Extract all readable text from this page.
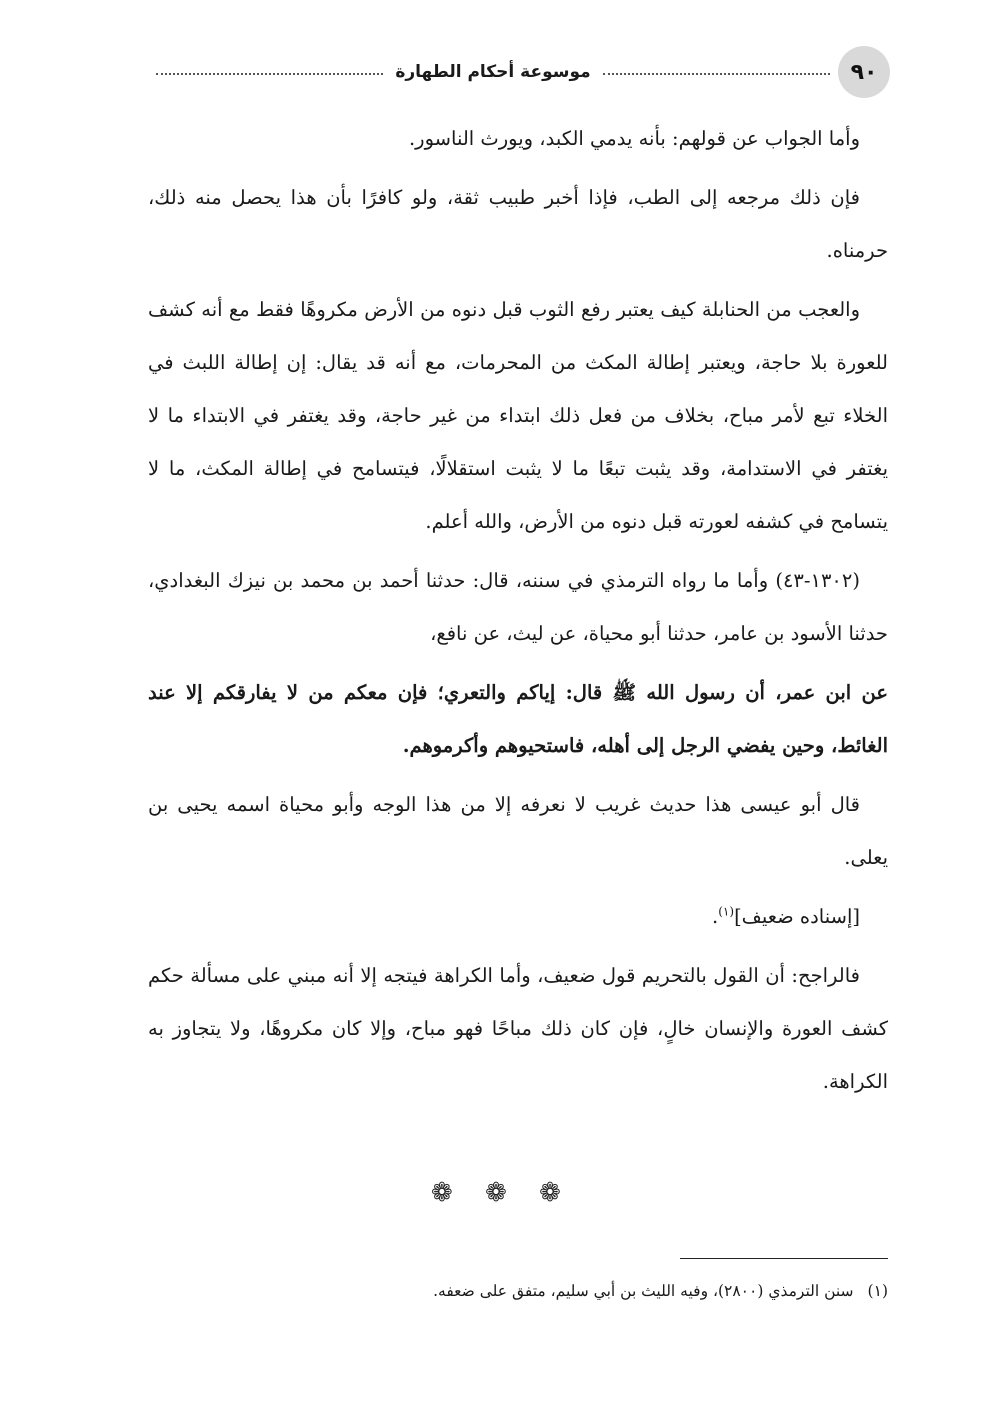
٩٠
موسوعة أحكام الطهارة

وأما الجواب عن قولهم: بأنه يدمي الكبد، ويورث الناسور.

فإن ذلك مرجعه إلى الطب، فإذا أخبر طبيب ثقة، ولو كافرًا بأن هذا يحصل منه ذلك، حرمناه.

والعجب من الحنابلة كيف يعتبر رفع الثوب قبل دنوه من الأرض مكروهًا فقط مع أنه كشف للعورة بلا حاجة، ويعتبر إطالة المكث من المحرمات، مع أنه قد يقال: إن إطالة اللبث في الخلاء تبع لأمر مباح، بخلاف من فعل ذلك ابتداء من غير حاجة، وقد يغتفر في الابتداء ما لا يغتفر في الاستدامة، وقد يثبت تبعًا ما لا يثبت استقلالًا، فيتسامح في إطالة المكث، ما لا يتسامح في كشفه لعورته قبل دنوه من الأرض، والله أعلم.

(١٣٠٢-٤٣) وأما ما رواه الترمذي في سننه، قال: حدثنا أحمد بن محمد بن نيزك البغدادي، حدثنا الأسود بن عامر، حدثنا أبو محياة، عن ليث، عن نافع،

عن ابن عمر، أن رسول الله ﷺ قال: إياكم والتعري؛ فإن معكم من لا يفارقكم إلا عند الغائط، وحين يفضي الرجل إلى أهله، فاستحيوهم وأكرموهم.

قال أبو عيسى هذا حديث غريب لا نعرفه إلا من هذا الوجه وأبو محياة اسمه يحيى بن يعلى.

[إسناده ضعيف]$^{(١)}$.

فالراجح: أن القول بالتحريم قول ضعيف، وأما الكراهة فيتجه إلا أنه مبني على مسألة حكم كشف العورة والإنسان خالٍ، فإن كان ذلك مباحًا فهو مباح، وإلا كان مكروهًا، ولا يتجاوز به الكراهة.

❁ ❁ ❁
(١)سنن الترمذي (٢٨٠٠)، وفيه الليث بن أبي سليم، متفق على ضعفه.
